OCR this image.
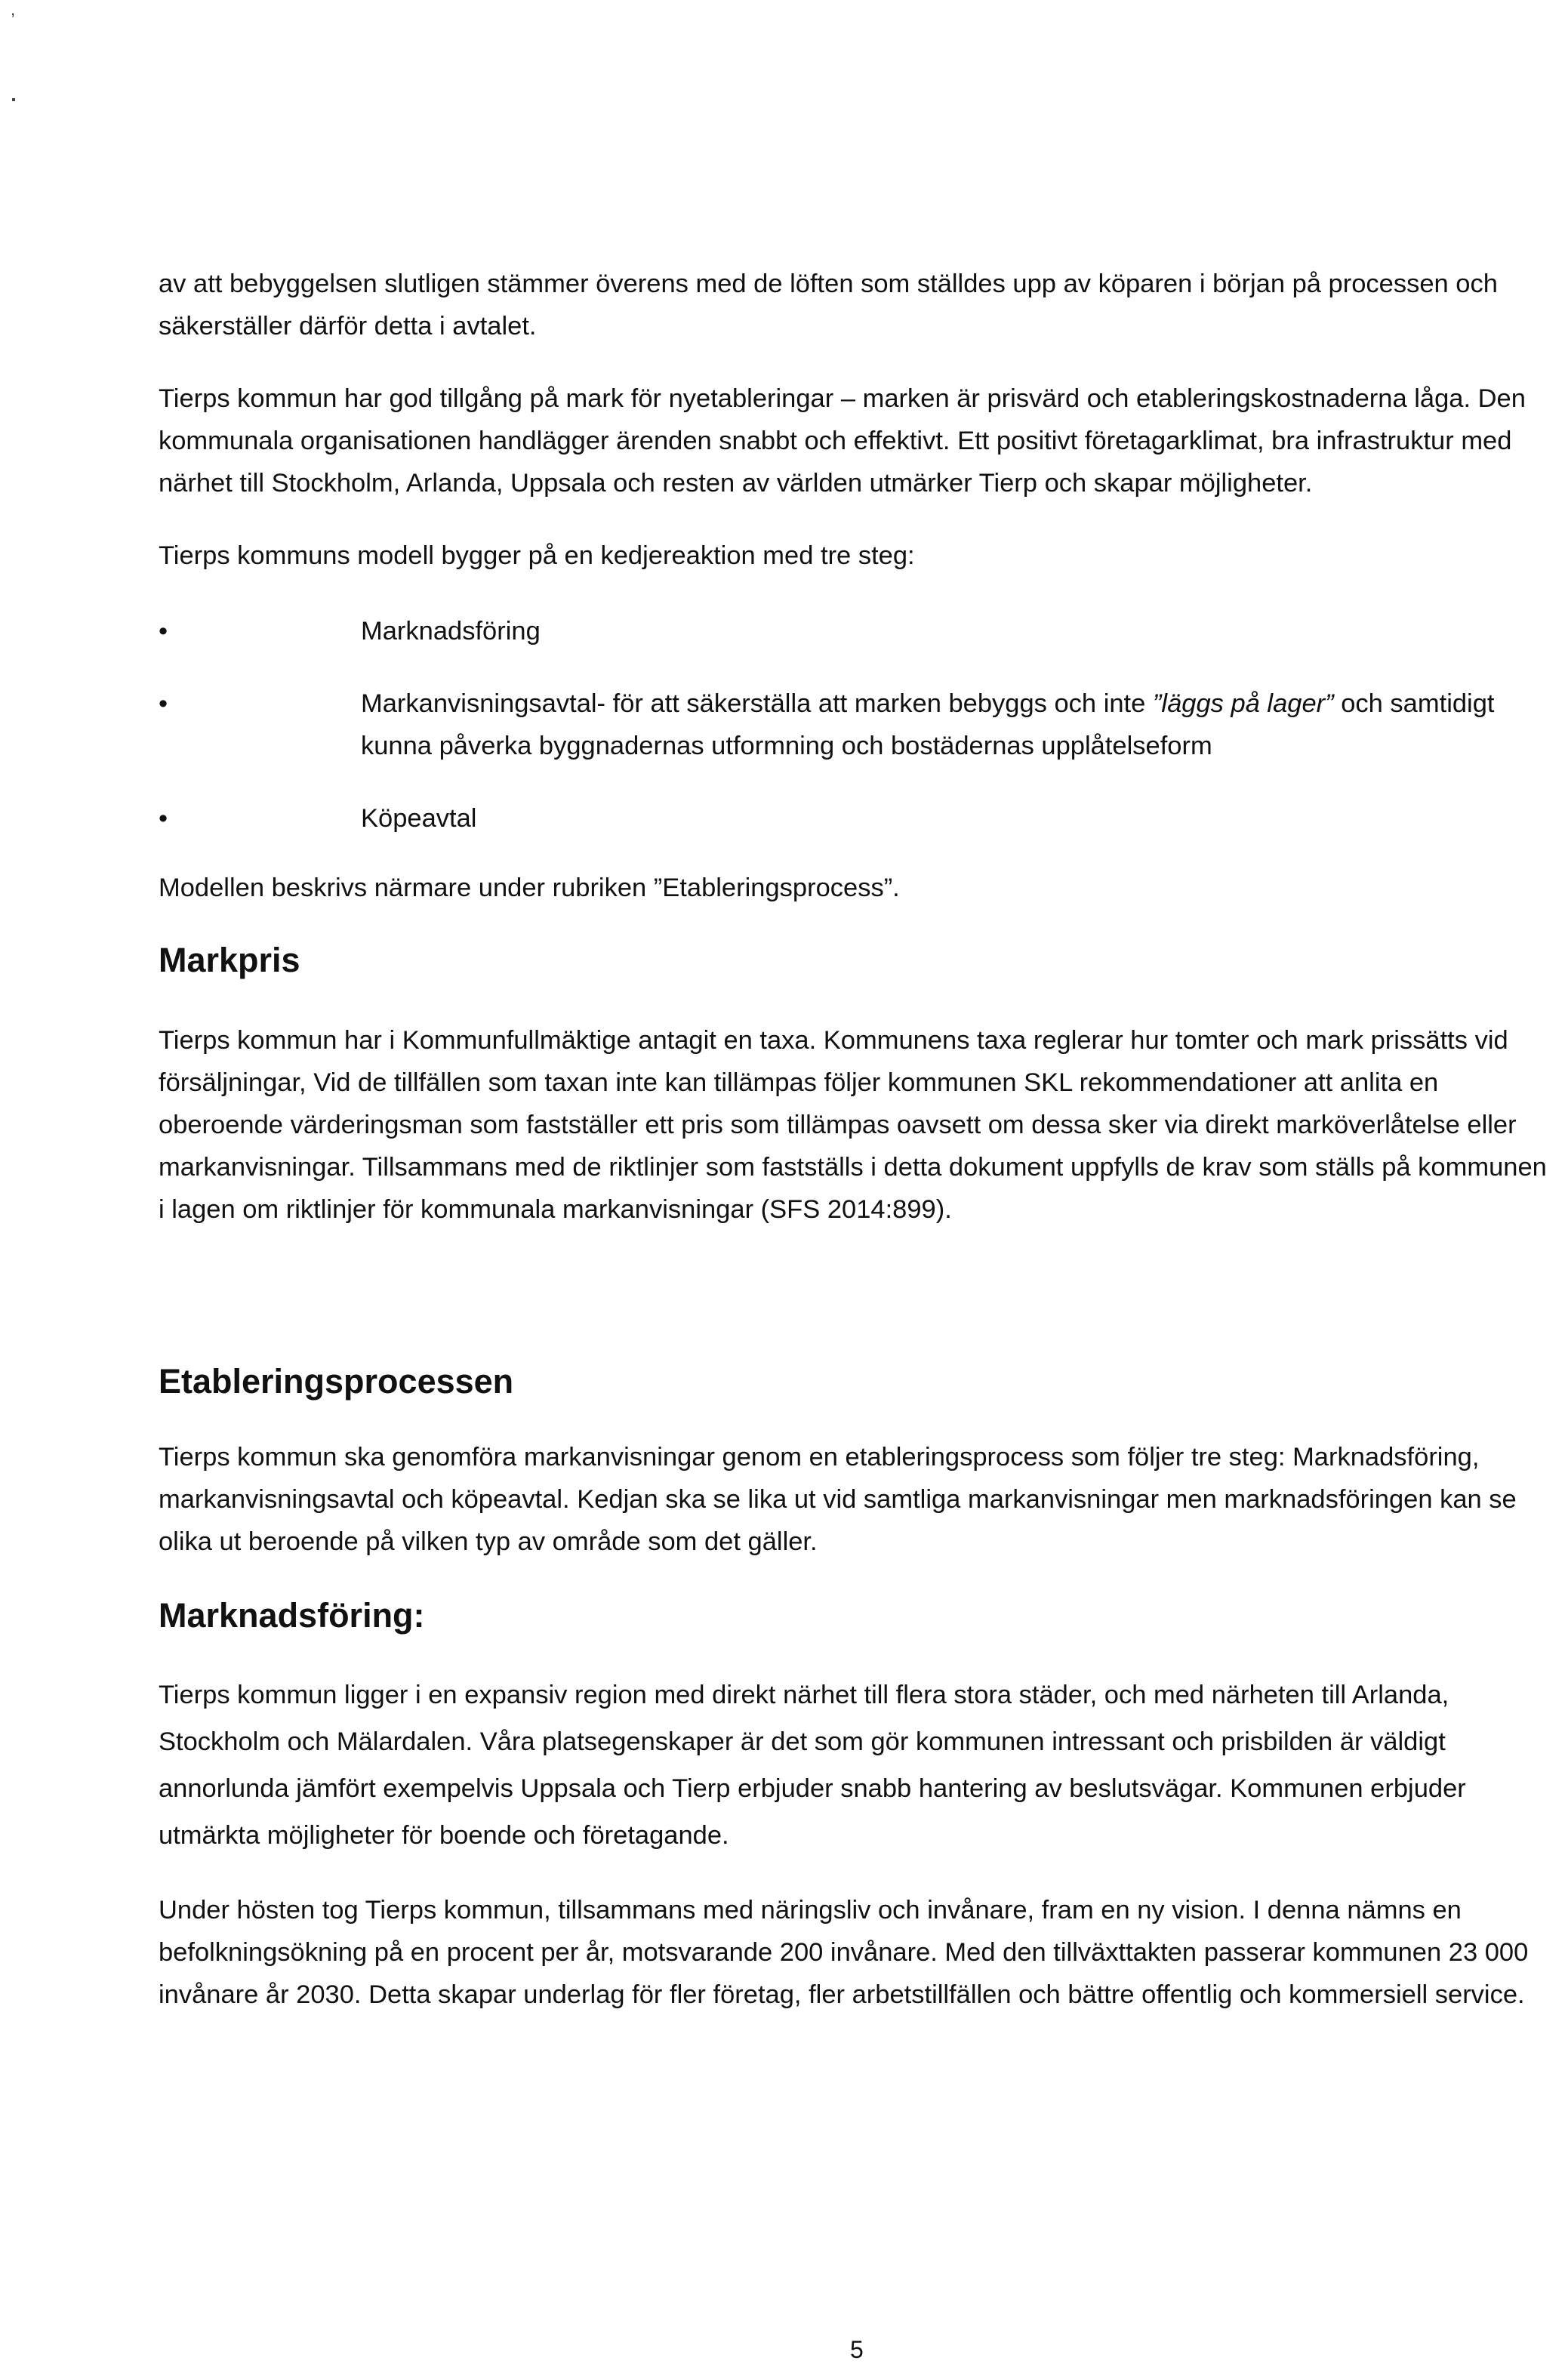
,

av att bebyggelsen slutligen stämmer överens med de löften som ställdes upp av köparen i början på processen och säkerställer därför detta i avtalet.

Tierps kommun har god tillgång på mark för nyetableringar – marken är prisvärd och etableringskostnaderna låga. Den kommunala organisationen handlägger ärenden snabbt och effektivt. Ett positivt företagarklimat, bra infrastruktur med närhet till Stockholm, Arlanda, Uppsala och resten av världen utmärker Tierp och skapar möjligheter.

Tierps kommuns modell bygger på en kedjereaktion med tre steg:

•	Marknadsföring
•	Markanvisningsavtal- för att säkerställa att marken bebyggs och inte ”läggs på lager” och samtidigt kunna påverka byggnadernas utformning och bostädernas upplåtelseform
•	Köpeavtal

Modellen beskrivs närmare under rubriken ”Etableringsprocess”.

Markpris

Tierps kommun har i Kommunfullmäktige antagit en taxa. Kommunens taxa reglerar hur tomter och mark prissätts vid försäljningar, Vid de tillfällen som taxan inte kan tillämpas följer kommunen SKL rekommendationer att anlita en oberoende värderingsman som fastställer ett pris som tillämpas oavsett om dessa sker via direkt marköverlåtelse eller markanvisningar. Tillsammans med de riktlinjer som fastställs i detta dokument uppfylls de krav som ställs på kommunen i lagen om riktlinjer för kommunala markanvisningar (SFS 2014:899).

Etableringsprocessen

Tierps kommun ska genomföra markanvisningar genom en etableringsprocess som följer tre steg: Marknadsföring, markanvisningsavtal och köpeavtal. Kedjan ska se lika ut vid samtliga markanvisningar men marknadsföringen kan se olika ut beroende på vilken typ av område som det gäller.

Marknadsföring:

Tierps kommun ligger i en expansiv region med direkt närhet till flera stora städer, och med närheten till Arlanda, Stockholm och Mälardalen. Våra platsegenskaper är det som gör kommunen intressant och prisbilden är väldigt annorlunda jämfört exempelvis Uppsala och Tierp erbjuder snabb hantering av beslutsvägar. Kommunen erbjuder utmärkta möjligheter för boende och företagande.

Under hösten tog Tierps kommun, tillsammans med näringsliv och invånare, fram en ny vision. I denna nämns en befolkningsökning på en procent per år, motsvarande 200 invånare. Med den tillväxttakten passerar kommunen 23 000 invånare år 2030. Detta skapar underlag för fler företag, fler arbetstillfällen och bättre offentlig och kommersiell service.

5
